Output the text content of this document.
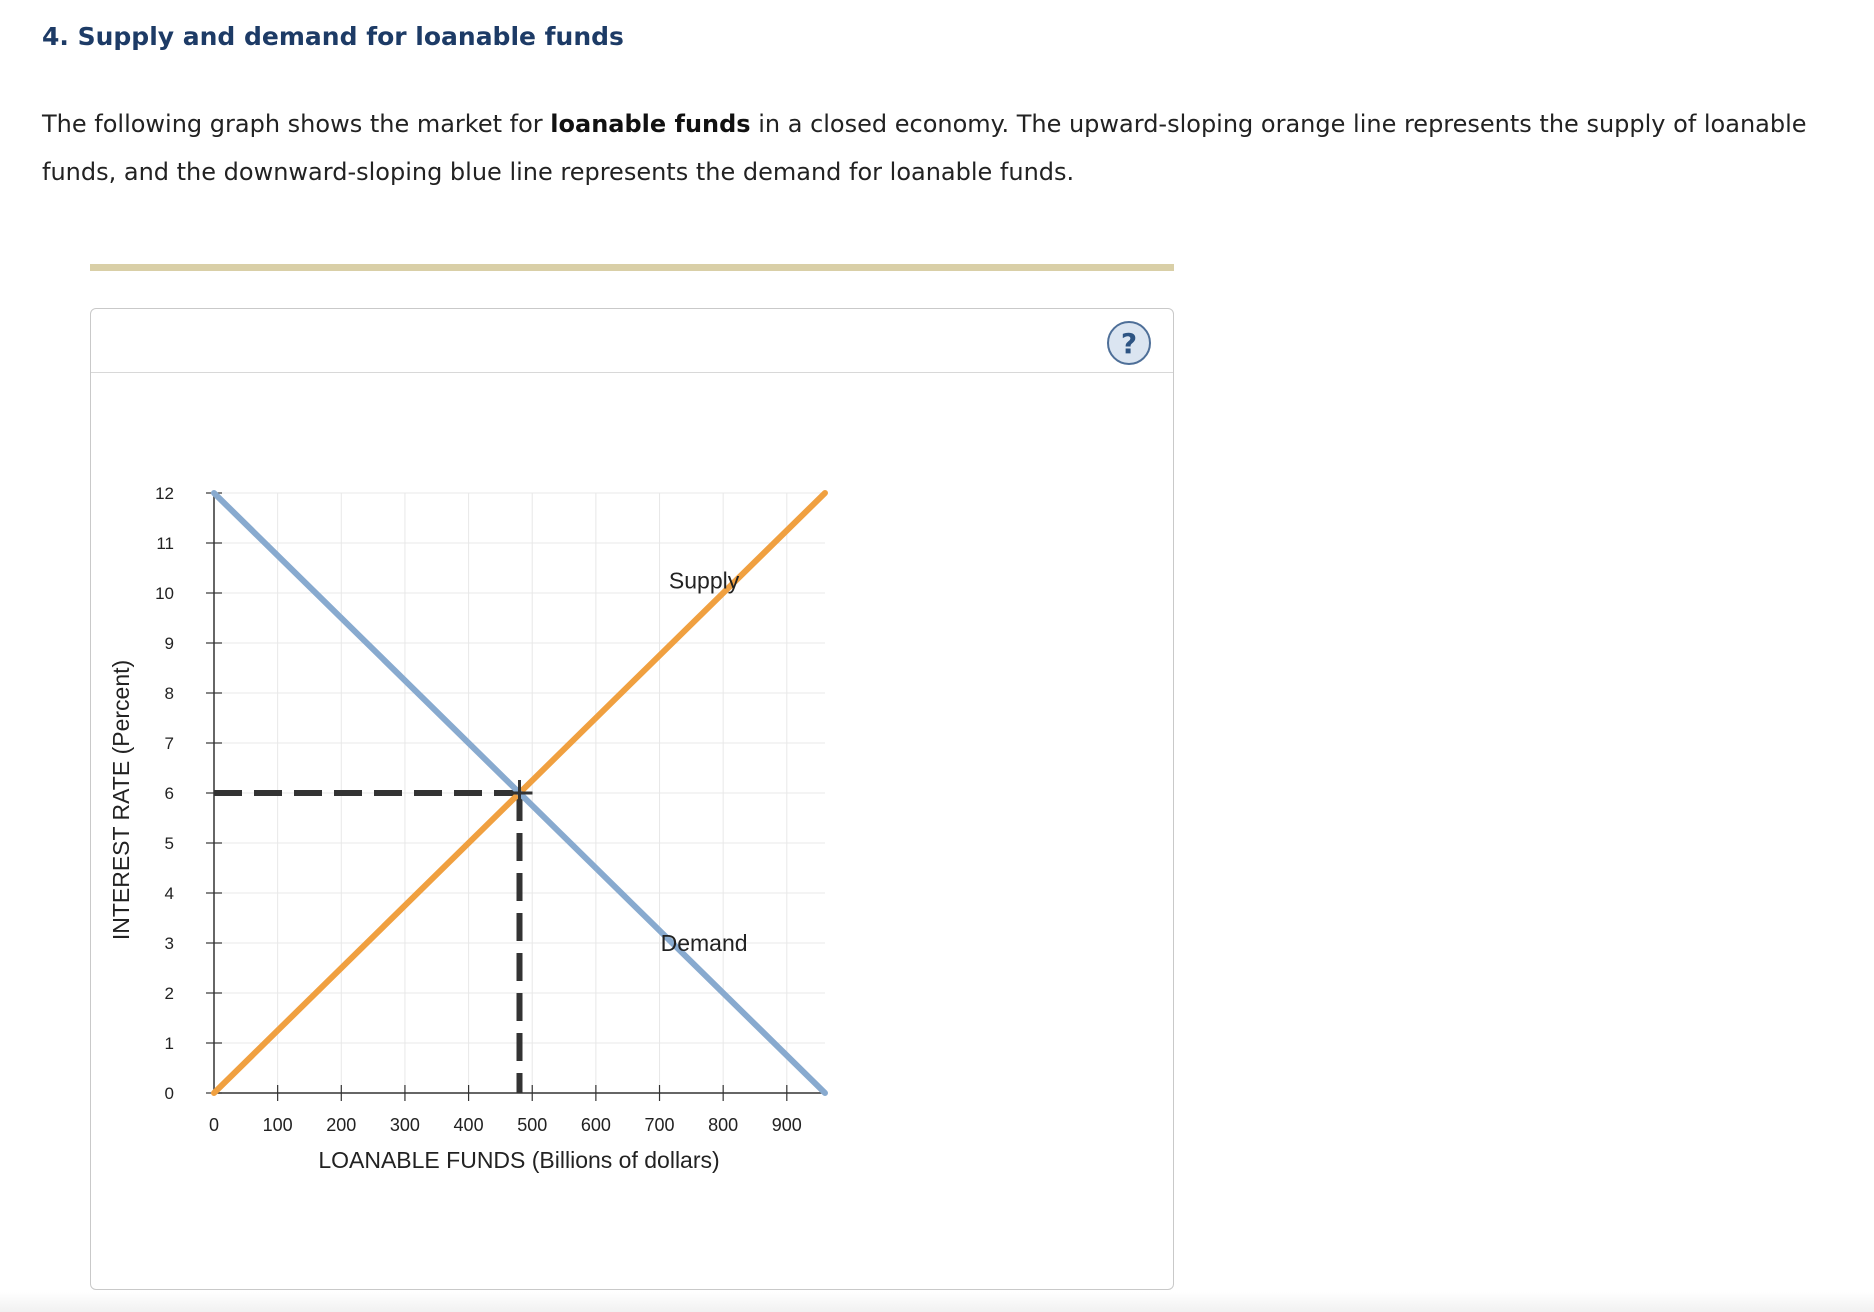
4. Supply and demand for loanable funds

The following graph shows the market for loanable funds in a closed economy. The upward-sloping orange line represents the supply of loanable funds, and the downward-sloping blue line represents the demand for loanable funds.

?
0
1
2
3
4
5
6
7
8
9
10
11
12
0 100 200 300 400 500 600 700 800 900
Supply
Demand
INTEREST RATE (Percent)
LOANABLE FUNDS (Billions of dollars)
